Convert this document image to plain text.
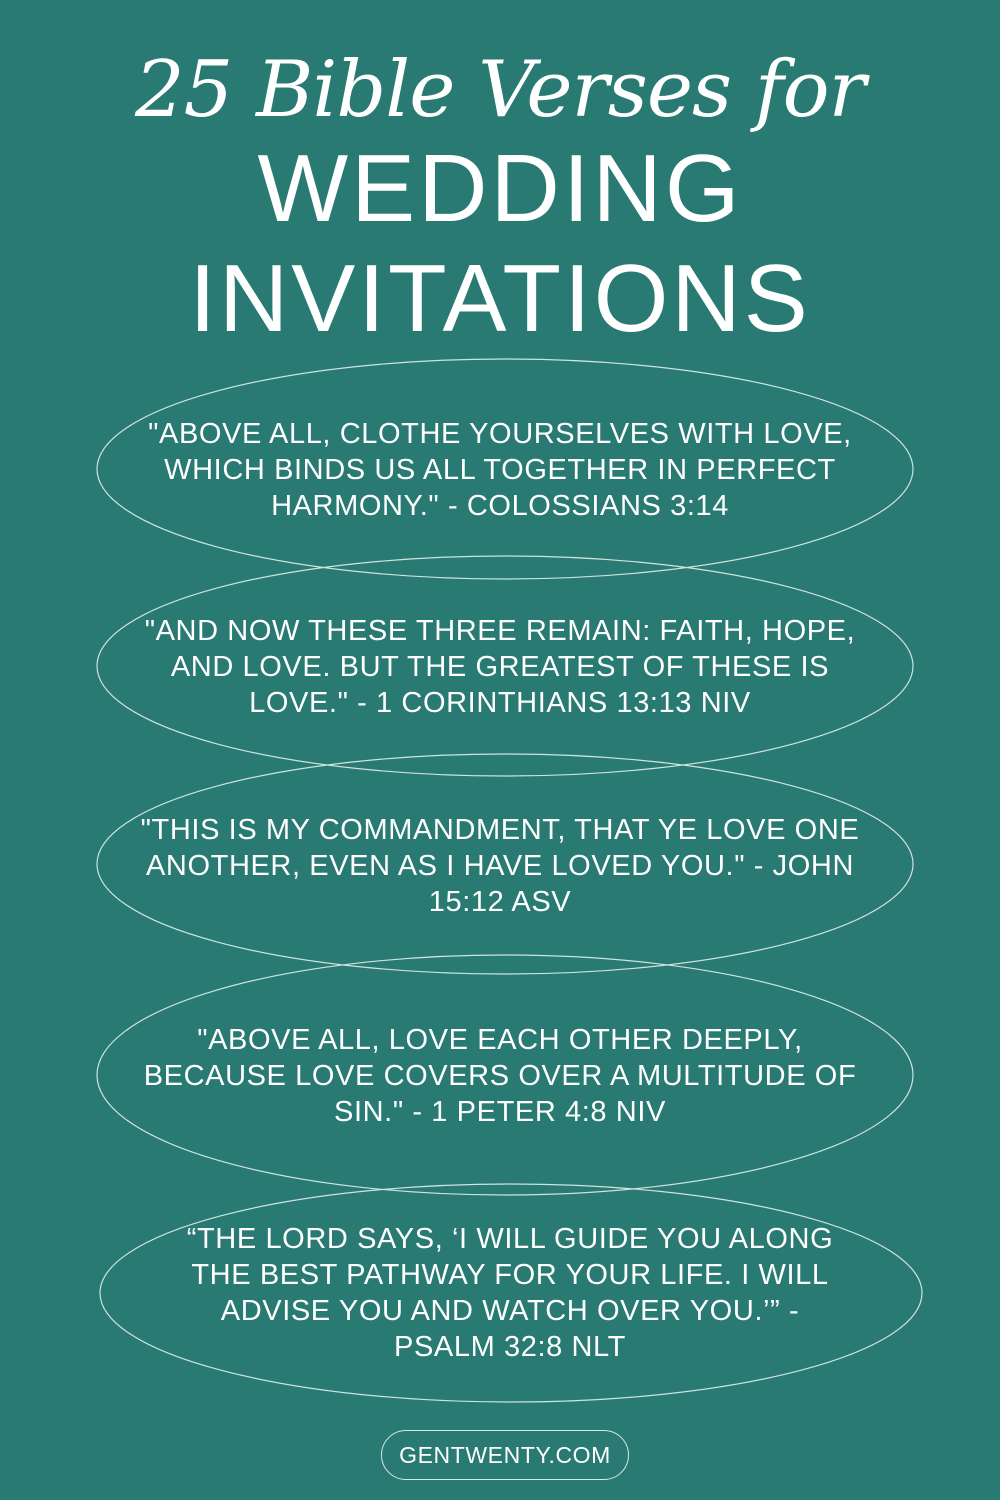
25 Bible Verses for
WEDDING
INVITATIONS
"ABOVE ALL, CLOTHE YOURSELVES WITH LOVE, WHICH BINDS US ALL TOGETHER IN PERFECT HARMONY." - COLOSSIANS 3:14
"AND NOW THESE THREE REMAIN: FAITH, HOPE, AND LOVE. BUT THE GREATEST OF THESE IS LOVE." - 1 CORINTHIANS 13:13 NIV
"THIS IS MY COMMANDMENT, THAT YE LOVE ONE ANOTHER, EVEN AS I HAVE LOVED YOU." - JOHN 15:12 ASV
"ABOVE ALL, LOVE EACH OTHER DEEPLY, BECAUSE LOVE COVERS OVER A MULTITUDE OF SIN." - 1 PETER 4:8 NIV
“THE LORD SAYS, ‘I WILL GUIDE YOU ALONG THE BEST PATHWAY FOR YOUR LIFE. I WILL ADVISE YOU AND WATCH OVER YOU.’” - PSALM 32:8 NLT
GENTWENTY.COM
